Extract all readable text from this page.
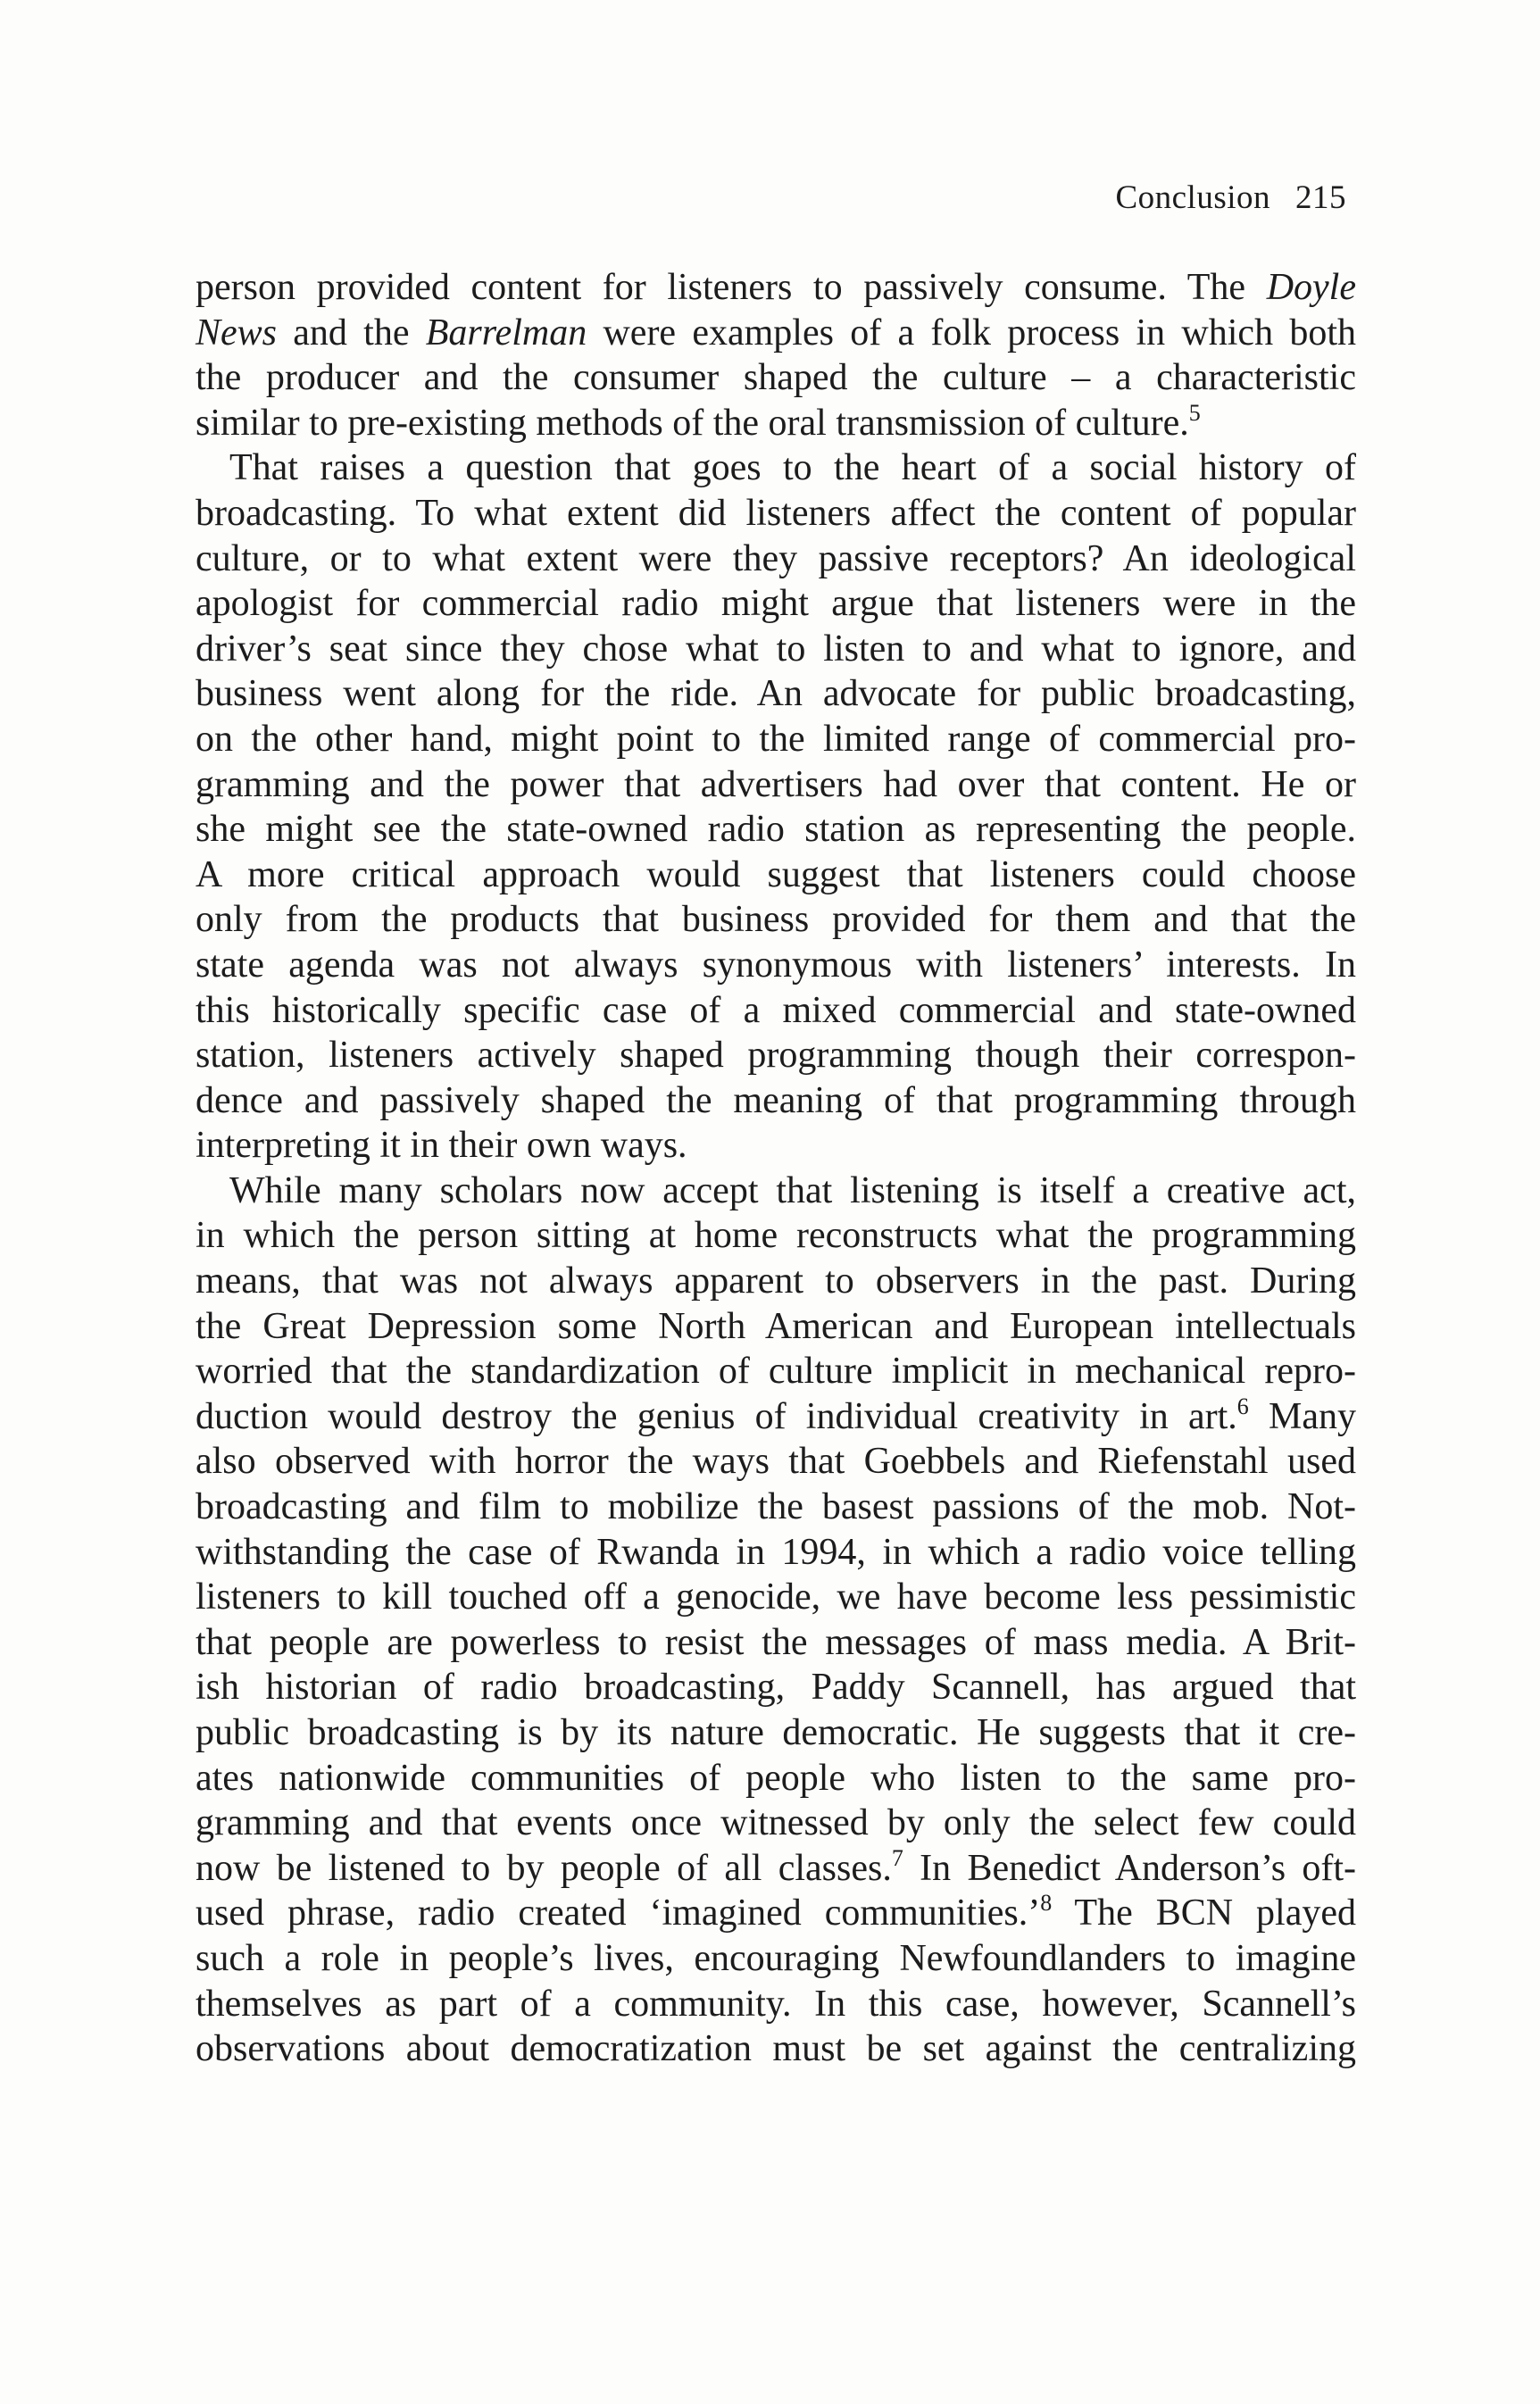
Conclusion 215
person provided content for listeners to passively consume. The Doyle
News and the Barrelman were examples of a folk process in which both
the producer and the consumer shaped the culture – a characteristic
similar to pre-existing methods of the oral transmission of culture.$^5$
That raises a question that goes to the heart of a social history of
broadcasting. To what extent did listeners affect the content of popular
culture, or to what extent were they passive receptors? An ideological
apologist for commercial radio might argue that listeners were in the
driver’s seat since they chose what to listen to and what to ignore, and
business went along for the ride. An advocate for public broadcasting,
on the other hand, might point to the limited range of commercial pro-
gramming and the power that advertisers had over that content. He or
she might see the state-owned radio station as representing the people.
A more critical approach would suggest that listeners could choose
only from the products that business provided for them and that the
state agenda was not always synonymous with listeners’ interests. In
this historically specific case of a mixed commercial and state-owned
station, listeners actively shaped programming though their correspon-
dence and passively shaped the meaning of that programming through
interpreting it in their own ways.
While many scholars now accept that listening is itself a creative act,
in which the person sitting at home reconstructs what the programming
means, that was not always apparent to observers in the past. During
the Great Depression some North American and European intellectuals
worried that the standardization of culture implicit in mechanical repro-
duction would destroy the genius of individual creativity in art.$^6$ Many
also observed with horror the ways that Goebbels and Riefenstahl used
broadcasting and film to mobilize the basest passions of the mob. Not-
withstanding the case of Rwanda in 1994, in which a radio voice telling
listeners to kill touched off a genocide, we have become less pessimistic
that people are powerless to resist the messages of mass media. A Brit-
ish historian of radio broadcasting, Paddy Scannell, has argued that
public broadcasting is by its nature democratic. He suggests that it cre-
ates nationwide communities of people who listen to the same pro-
gramming and that events once witnessed by only the select few could
now be listened to by people of all classes.$^7$ In Benedict Anderson’s oft-
used phrase, radio created ‘imagined communities.’$^8$ The BCN played
such a role in people’s lives, encouraging Newfoundlanders to imagine
themselves as part of a community. In this case, however, Scannell’s
observations about democratization must be set against the centralizing
